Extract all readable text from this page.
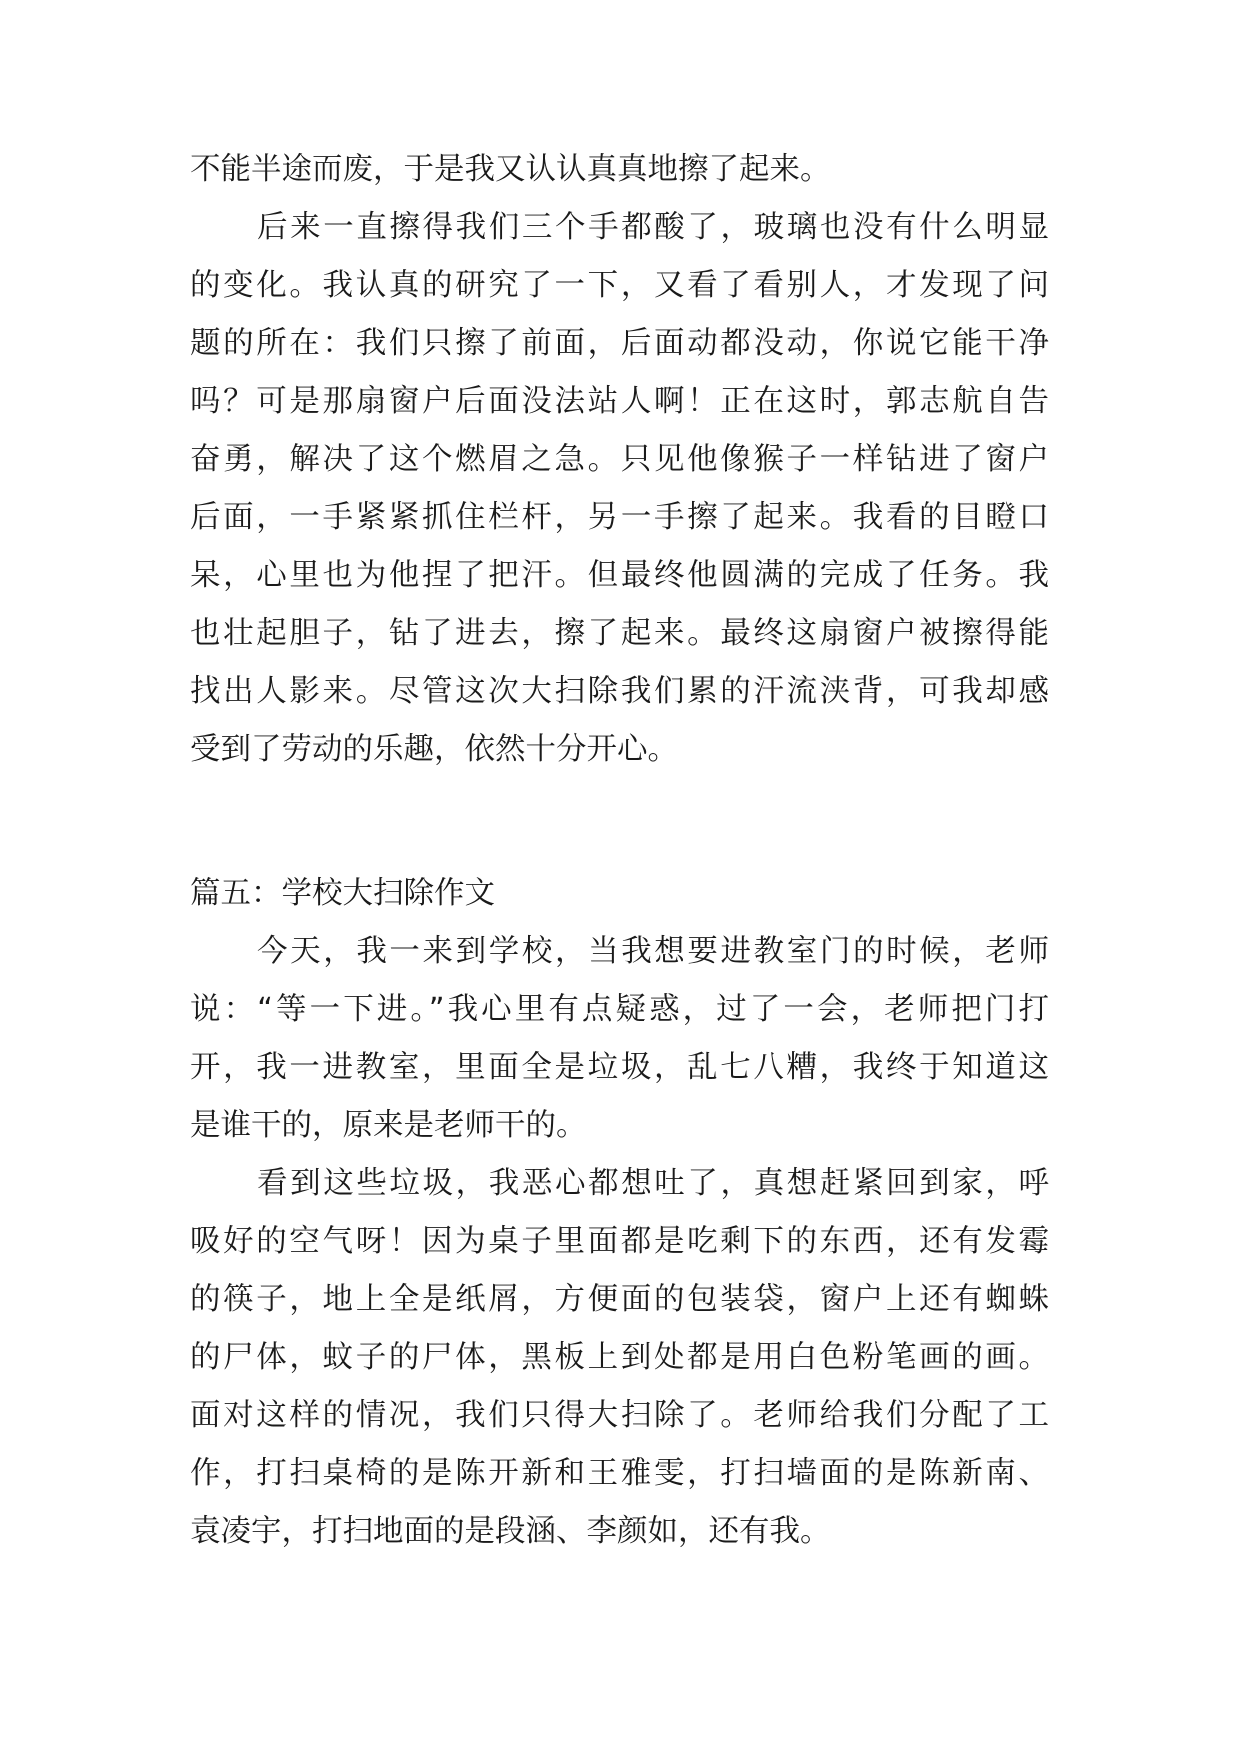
不能半途而废，于是我又认认真真地擦了起来。

后来一直擦得我们三个手都酸了，玻璃也没有什么明显

的变化。我认真的研究了一下，又看了看别人，才发现了问

题的所在：我们只擦了前面，后面动都没动，你说它能干净

吗？可是那扇窗户后面没法站人啊！正在这时，郭志航自告

奋勇，解决了这个燃眉之急。只见他像猴子一样钻进了窗户

后面，一手紧紧抓住栏杆，另一手擦了起来。我看的目瞪口

呆，心里也为他捏了把汗。但最终他圆满的完成了任务。我

也壮起胆子，钻了进去，擦了起来。最终这扇窗户被擦得能

找出人影来。尽管这次大扫除我们累的汗流浃背，可我却感

受到了劳动的乐趣，依然十分开心。

篇五：学校大扫除作文

今天，我一来到学校，当我想要进教室门的时候，老师

说：“等一下进。”我心里有点疑惑，过了一会，老师把门打

开，我一进教室，里面全是垃圾，乱七八糟，我终于知道这

是谁干的，原来是老师干的。

看到这些垃圾，我恶心都想吐了，真想赶紧回到家，呼

吸好的空气呀！因为桌子里面都是吃剩下的东西，还有发霉

的筷子，地上全是纸屑，方便面的包装袋，窗户上还有蜘蛛

的尸体，蚊子的尸体，黑板上到处都是用白色粉笔画的画。

面对这样的情况，我们只得大扫除了。老师给我们分配了工

作，打扫桌椅的是陈开新和王雅雯，打扫墙面的是陈新南、

袁凌宇，打扫地面的是段涵、李颜如，还有我。
